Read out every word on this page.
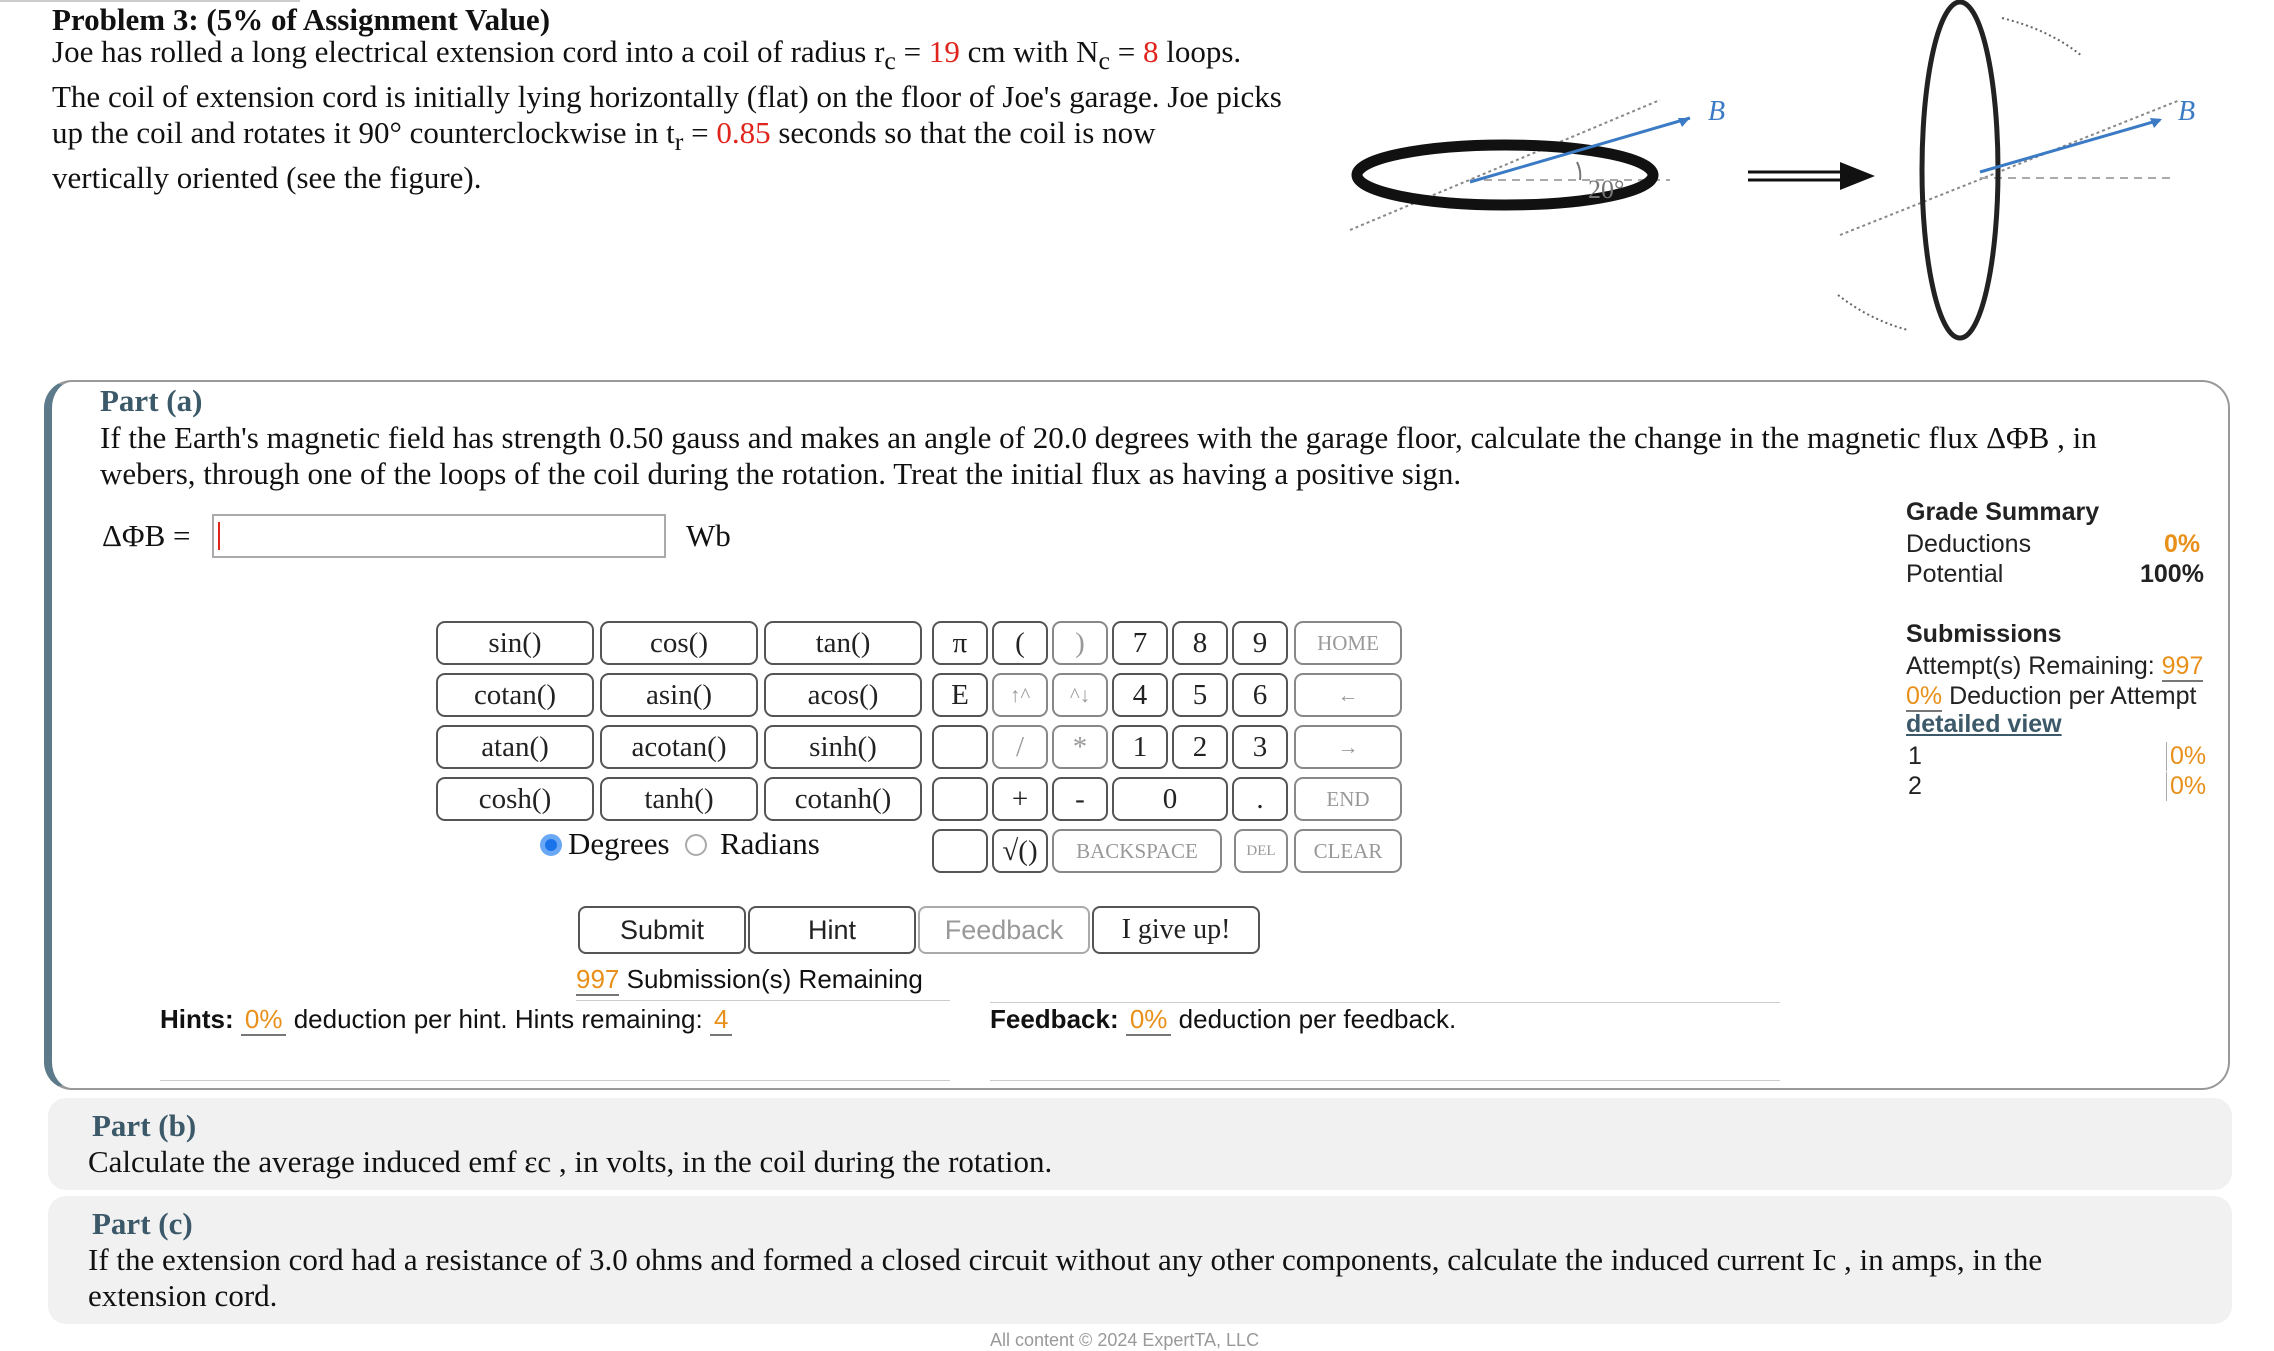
Problem 3: (5% of Assignment Value)
Joe has rolled a long electrical extension cord into a coil of radius $r_c = 19$ cm with $N_c = 8$ loops.
The coil of extension cord is initially lying horizontally (flat) on the floor of Joe's garage. Joe picks
up the coil and rotates it 90° counterclockwise in $t_r = 0.85$ seconds so that the coil is now
vertically oriented (see the figure).	20°
B	B
Part (a)
If the Earth's magnetic field has strength 0.50 gauss and makes an angle of 20.0 degrees with the garage floor, calculate the change in the magnetic flux ΔΦB , in
webers, through one of the loops of the coil during the rotation. Treat the initial flux as having a positive sign.
ΔΦB =	Wb
sin()	cos()	tan()
cotan()	asin()	acos()
atan()	acotan()	sinh()
cosh()	tanh()	cotanh()
π	(	)
E	↑^	^↓
/	*
+	-
√()
7	8	9
4	5	6
1	2	3
0	.
HOME
←
→
END
BACKSPACE	DEL	CLEAR
Degrees Radians
Submit	Hint	Feedback	I give up!
997 Submission(s) Remaining
Hints: 0% deduction per hint. Hints remaining: 4	Feedback: 0% deduction per feedback.
Grade Summary
Deductions	0%
Potential	100%
Submissions
Attempt(s) Remaining: 997
0% Deduction per Attempt
detailed view
1	0%
2	0%
Part (b)
Calculate the average induced emf εc , in volts, in the coil during the rotation.
Part (c)
If the extension cord had a resistance of 3.0 ohms and formed a closed circuit without any other components, calculate the induced current Ic , in amps, in the
extension cord.
All content © 2024 ExpertTA, LLC
